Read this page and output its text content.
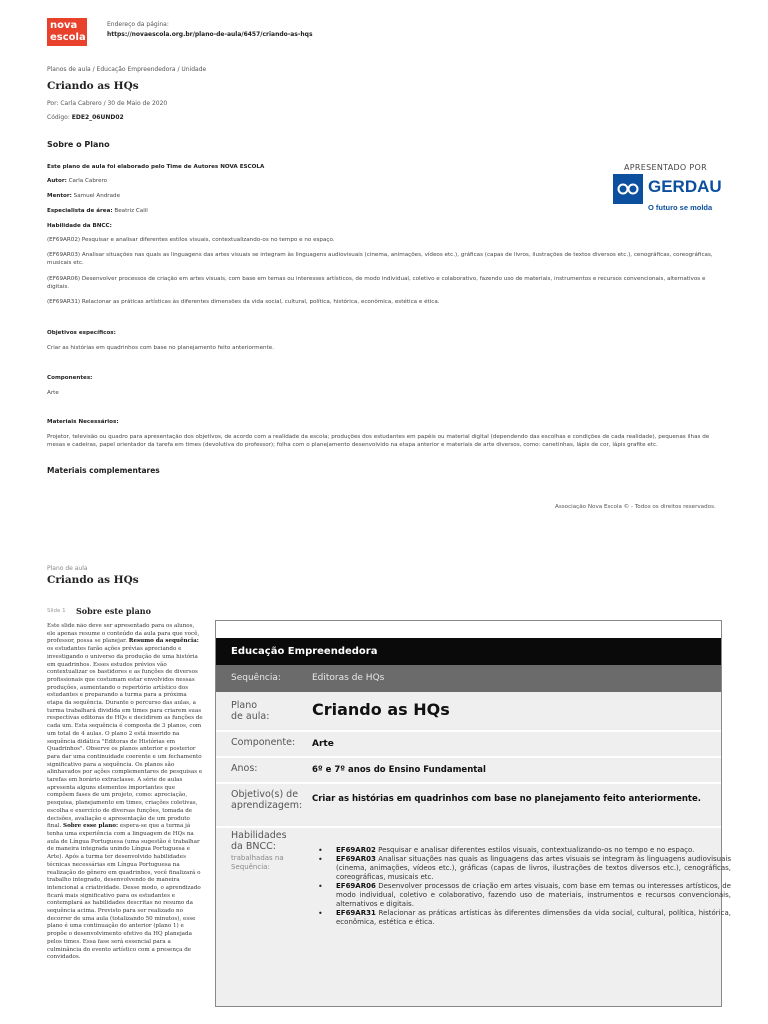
nova
escola
Endereço da página:
https://novaescola.org.br/plano-de-aula/6457/criando-as-hqs
Planos de aula / Educação Empreendedora / Unidade
Criando as HQs
Por: Carla Cabrero / 30 de Maio de 2020
Código: EDE2_06UND02
Sobre o Plano
APRESENTADO POR
GERDAU
O futuro se molda
Este plano de aula foi elaborado pelo Time de Autores NOVA ESCOLA
Autor: Carla Cabrero
Mentor: Samuel Andrade
Especialista de área: Beatriz Calil
Habilidade da BNCC:
(EF69AR02) Pesquisar e analisar diferentes estilos visuais, contextualizando-os no tempo e no espaço.
(EF69AR03) Analisar situações nas quais as linguagens das artes visuais se integram às linguagens audiovisuais (cinema, animações, vídeos etc.), gráficas (capas de livros, ilustrações de textos diversos etc.), cenográficas, coreográficas, musicais etc.
(EF69AR06) Desenvolver processos de criação em artes visuais, com base em temas ou interesses artísticos, de modo individual, coletivo e colaborativo, fazendo uso de materiais, instrumentos e recursos convencionais, alternativos e digitais.
(EF69AR31) Relacionar as práticas artísticas às diferentes dimensões da vida social, cultural, política, histórica, econômica, estética e ética.
Objetivos específicos:
Criar as histórias em quadrinhos com base no planejamento feito anteriormente.
Componentes:
Arte
Materiais Necessários:
Projetor, televisão ou quadro para apresentação dos objetivos, de acordo com a realidade da escola; produções dos estudantes em papéis ou material digital (dependendo das escolhas e condições de cada realidade), pequenas ilhas de mesas e cadeiras, papel orientador da tarefa em times (devolutiva do professor); folha com o planejamento desenvolvido na etapa anterior e materiais de arte diversos, como: canetinhas, lápis de cor, lápis grafite etc.
Materiais complementares
Associação Nova Escola © - Todos os direitos reservados.
Plano de aula
Criando as HQs
Slide 1 Sobre este plano
Este slide não deve ser apresentado para os alunos, ele apenas resume o conteúdo da aula para que você, professor, possa se planejar. Resumo da sequência: os estudantes farão ações prévias apreciando e investigando o universo da produção de uma história em quadrinhos. Esses estudos prévios vão contextualizar os bastidores e as funções de diversos profissionais que costumam estar envolvidos nessas produções, aumentando o repertório artístico dos estudantes e preparando a turma para a próxima etapa da sequência. Durante o percurso das aulas, a turma trabalhará dividida em times para criarem suas respectivas editoras de HQs e decidirem as funções de cada um. Esta sequência é composta de 3 planos, com um total de 4 aulas. O plano 2 está inserido na sequência didática "Editoras de Histórias em Quadrinhos". Observe os planos anterior e posterior para dar uma continuidade coerente e um fechamento significativo para a sequência. Os planos são alinhavados por ações complementares de pesquisas e tarefas em horário extraclasse. A série de aulas apresenta alguns elementos importantes que compõem fases de um projeto, como: apreciação, pesquisa, planejamento em times, criações coletivas, escolha e exercício de diversas funções, tomada de decisões, avaliação e apresentação de um produto final. Sobre esse plano: espera-se que a turma já tenha uma experiência com a linguagem de HQs na aula de Língua Portuguesa (uma sugestão é trabalhar de maneira integrada unindo Língua Portuguesa e Arte). Após a turma ter desenvolvido habilidades técnicas necessárias em Língua Portuguesa na realização do gênero em quadrinhos, você finalizará o trabalho integrado, desenvolvendo de maneira intencional a criatividade. Desse modo, o aprendizado ficará mais significativo para os estudantes e contemplará as habilidades descritas no resumo da sequência acima. Previsto para ser realizado no decorrer de uma aula (totalizando 50 minutos), esse plano é uma continuação do anterior (plano 1) e propõe o desenvolvimento efetivo da HQ planejada pelos times. Essa fase será essencial para a culminância do evento artístico com a presença de convidados.
Educação Empreendedora
Sequência:	Editoras de HQs
Plano
de aula:	Criando as HQs
Componente: Arte
Anos:	6º e 7º anos do Ensino Fundamental
Objetivo(s) de
aprendizagem:
Criar as histórias em quadrinhos com base no planejamento feito anteriormente.
Habilidades
da BNCC:
trabalhadas na
Sequência:
• EF69AR02 Pesquisar e analisar diferentes estilos visuais, contextualizando-os no tempo e no espaço.
• EF69AR03 Analisar situações nas quais as linguagens das artes visuais se integram às linguagens audiovisuais (cinema, animações, vídeos etc.), gráficas (capas de livros, ilustrações de textos diversos etc.), cenográficas, coreográficas, musicais etc.
• EF69AR06 Desenvolver processos de criação em artes visuais, com base em temas ou interesses artísticos, de modo individual, coletivo e colaborativo, fazendo uso de materiais, instrumentos e recursos convencionais, alternativos e digitais.
• EF69AR31 Relacionar as práticas artísticas às diferentes dimensões da vida social, cultural, política, histórica, econômica, estética e ética.
